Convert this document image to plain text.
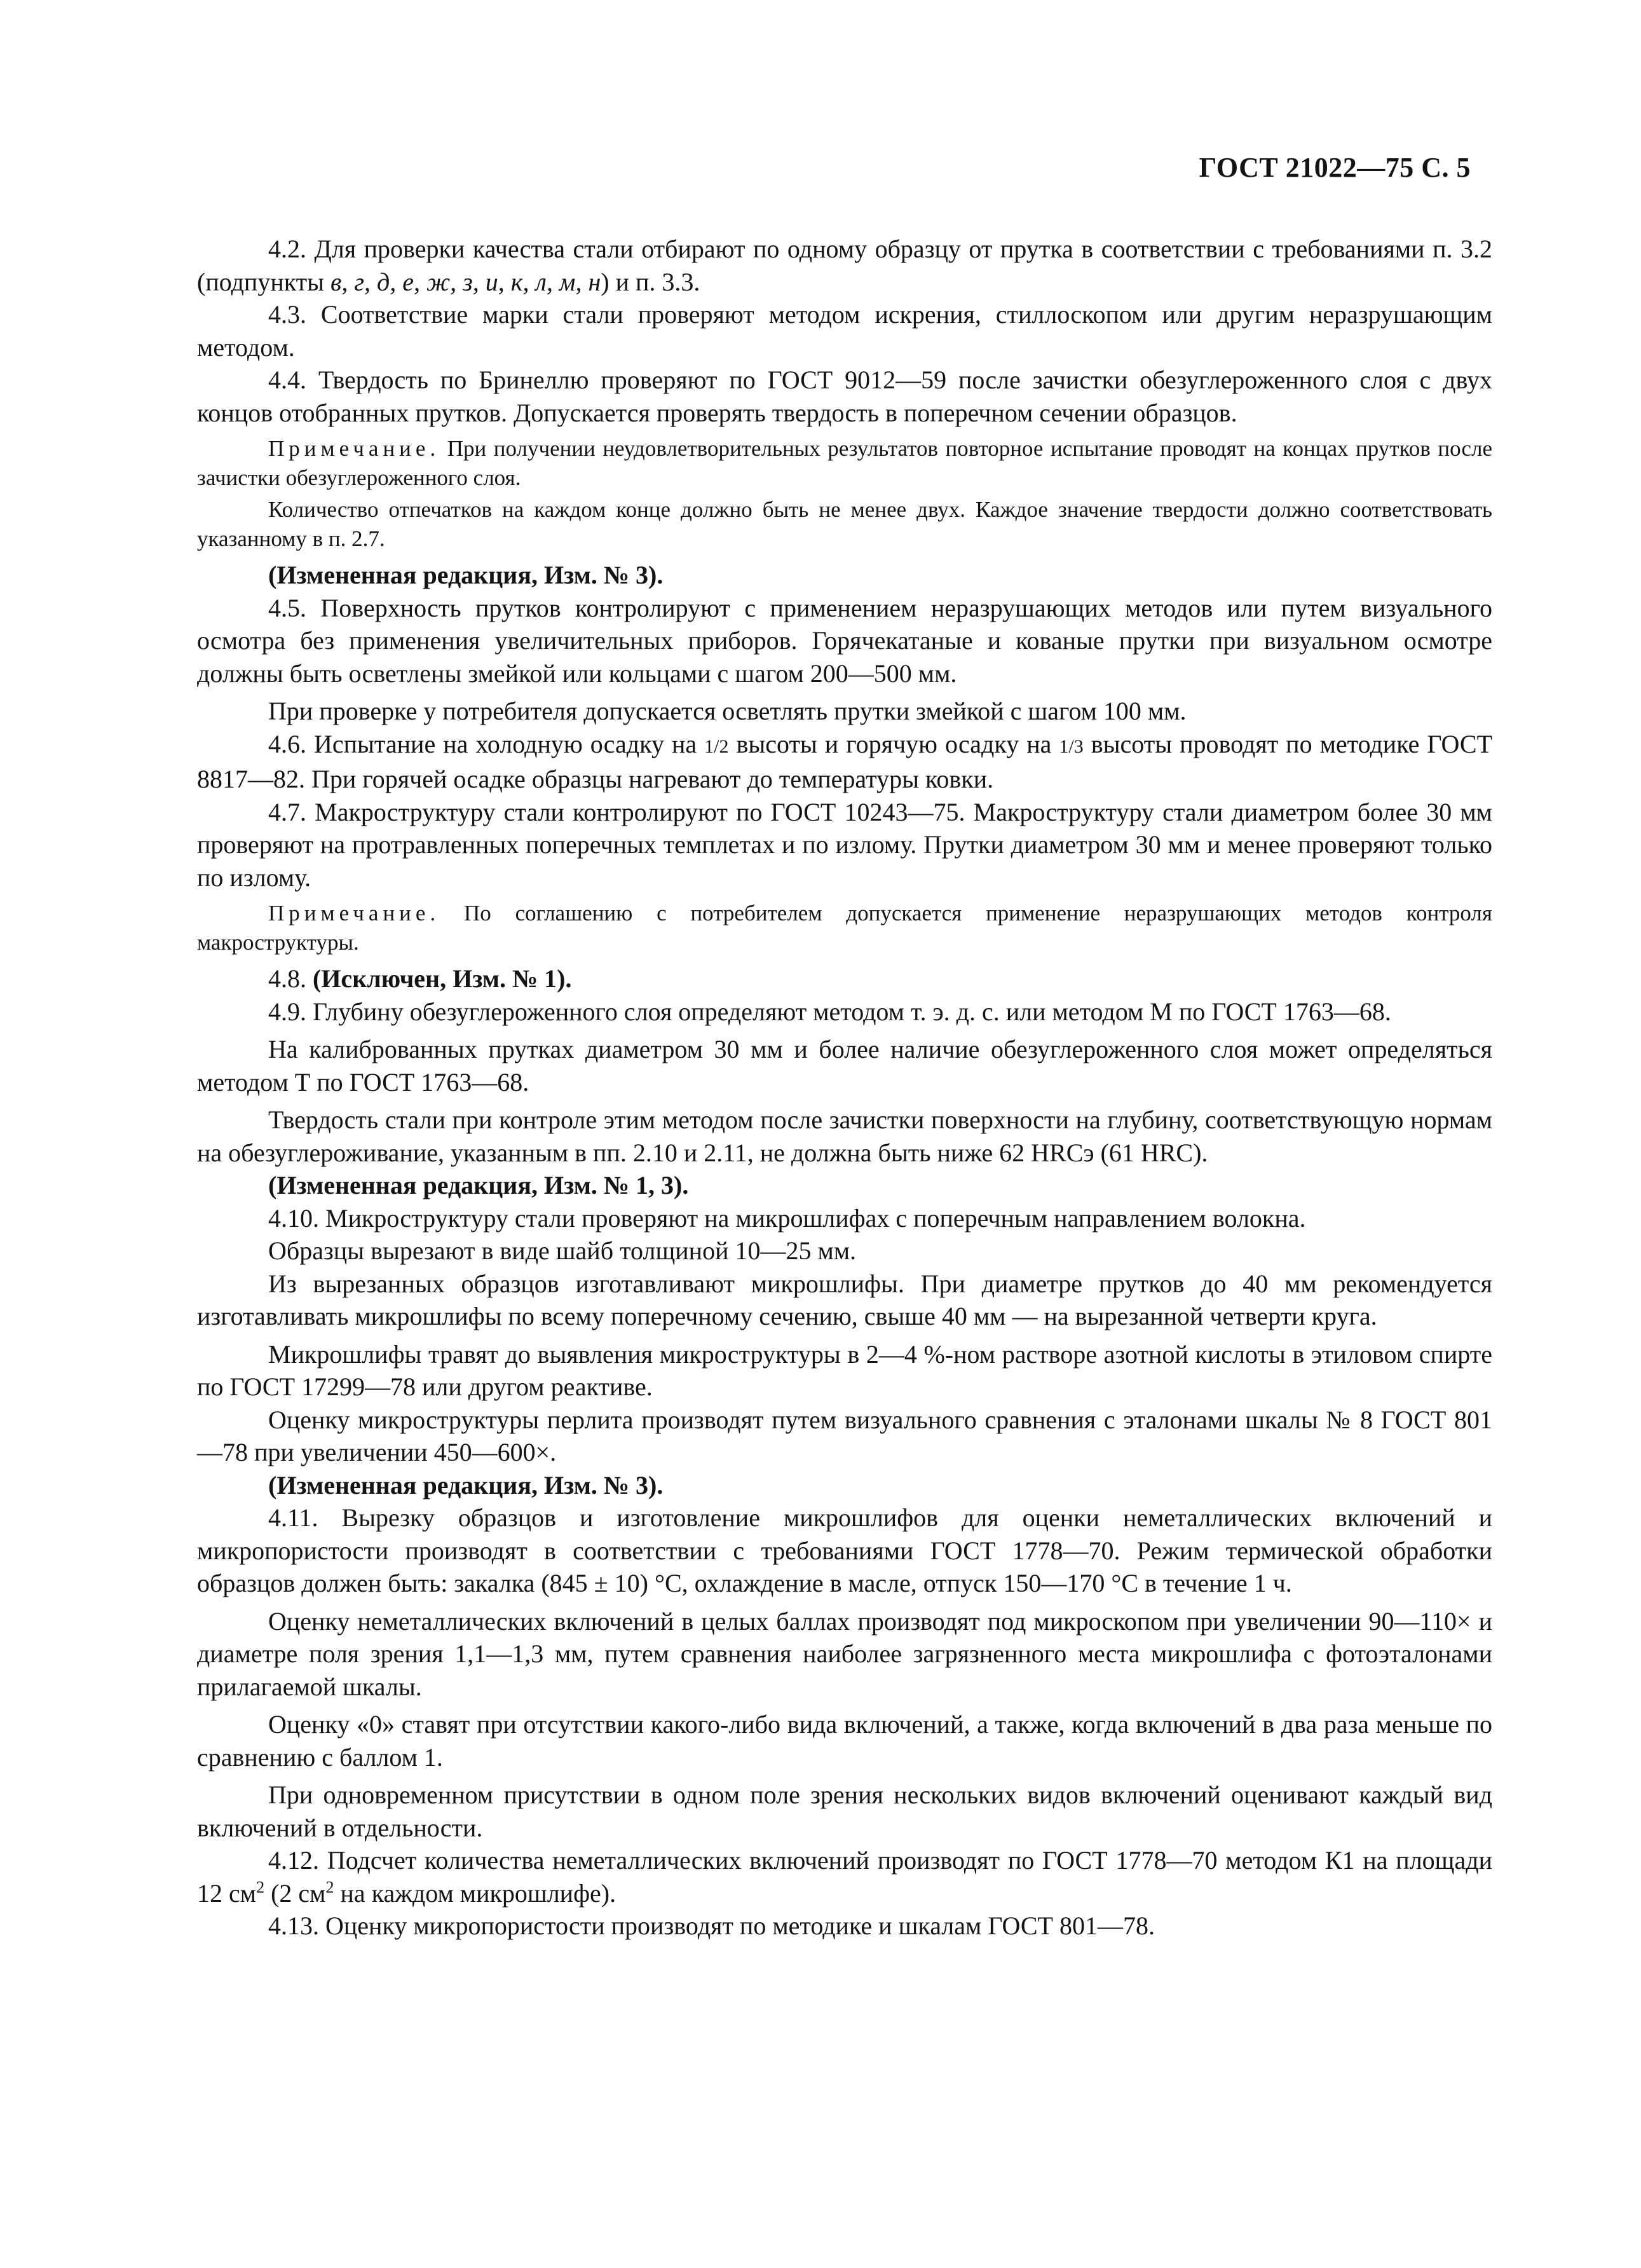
ГОСТ 21022—75 С. 5

4.2. Для проверки качества стали отбирают по одному образцу от прутка в соответствии с требованиями п. 3.2 (подпункты в, г, д, е, ж, з, и, к, л, м, н) и п. 3.3.

4.3. Соответствие марки стали проверяют методом искрения, стиллоскопом или другим неразрушающим методом.

4.4. Твердость по Бринеллю проверяют по ГОСТ 9012—59 после зачистки обезуглероженного слоя с двух концов отобранных прутков. Допускается проверять твердость в поперечном сечении образцов.

Примечание. При получении неудовлетворительных результатов повторное испытание проводят на концах прутков после зачистки обезуглероженного слоя.

Количество отпечатков на каждом конце должно быть не менее двух. Каждое значение твердости должно соответствовать указанному в п. 2.7.

(Измененная редакция, Изм. № 3).

4.5. Поверхность прутков контролируют с применением неразрушающих методов или путем визуального осмотра без применения увеличительных приборов. Горячекатаные и кованые прутки при визуальном осмотре должны быть осветлены змейкой или кольцами с шагом 200—500 мм.

При проверке у потребителя допускается осветлять прутки змейкой с шагом 100 мм.

4.6. Испытание на холодную осадку на 1/2 высоты и горячую осадку на 1/3 высоты проводят по методике ГОСТ 8817—82. При горячей осадке образцы нагревают до температуры ковки.

4.7. Макроструктуру стали контролируют по ГОСТ 10243—75. Макроструктуру стали диаметром более 30 мм проверяют на протравленных поперечных темплетах и по излому. Прутки диаметром 30 мм и менее проверяют только по излому.

Примечание. По соглашению с потребителем допускается применение неразрушающих методов контроля макроструктуры.

4.8. (Исключен, Изм. № 1).

4.9. Глубину обезуглероженного слоя определяют методом т. э. д. с. или методом М по ГОСТ 1763—68.

На калиброванных прутках диаметром 30 мм и более наличие обезуглероженного слоя может определяться методом Т по ГОСТ 1763—68.

Твердость стали при контроле этим методом после зачистки поверхности на глубину, соответствующую нормам на обезуглероживание, указанным в пп. 2.10 и 2.11, не должна быть ниже 62 HRCэ (61 HRC).

(Измененная редакция, Изм. № 1, 3).

4.10. Микроструктуру стали проверяют на микрошлифах с поперечным направлением волокна.

Образцы вырезают в виде шайб толщиной 10—25 мм.

Из вырезанных образцов изготавливают микрошлифы. При диаметре прутков до 40 мм рекомендуется изготавливать микрошлифы по всему поперечному сечению, свыше 40 мм — на вырезанной четверти круга.

Микрошлифы травят до выявления микроструктуры в 2—4 %-ном растворе азотной кислоты в этиловом спирте по ГОСТ 17299—78 или другом реактиве.

Оценку микроструктуры перлита производят путем визуального сравнения с эталонами шкалы № 8 ГОСТ 801—78 при увеличении 450—600×.

(Измененная редакция, Изм. № 3).

4.11. Вырезку образцов и изготовление микрошлифов для оценки неметаллических включений и микропористости производят в соответствии с требованиями ГОСТ 1778—70. Режим термической обработки образцов должен быть: закалка (845 ± 10) °С, охлаждение в масле, отпуск 150—170 °С в течение 1 ч.

Оценку неметаллических включений в целых баллах производят под микроскопом при увеличении 90—110× и диаметре поля зрения 1,1—1,3 мм, путем сравнения наиболее загрязненного места микрошлифа с фотоэталонами прилагаемой шкалы.

Оценку «0» ставят при отсутствии какого-либо вида включений, а также, когда включений в два раза меньше по сравнению с баллом 1.

При одновременном присутствии в одном поле зрения нескольких видов включений оценивают каждый вид включений в отдельности.

4.12. Подсчет количества неметаллических включений производят по ГОСТ 1778—70 методом К1 на площади 12 $см^2$ (2 $см^2$ на каждом микрошлифе).

4.13. Оценку микропористости производят по методике и шкалам ГОСТ 801—78.
